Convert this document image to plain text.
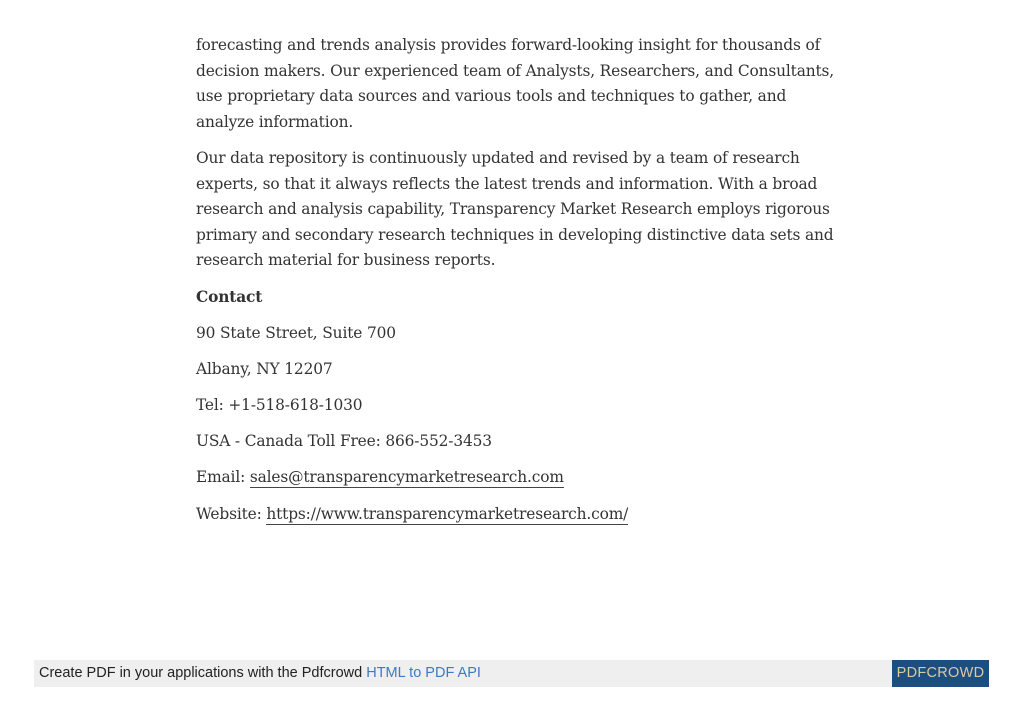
forecasting and trends analysis provides forward-looking insight for thousands of decision makers. Our experienced team of Analysts, Researchers, and Consultants, use proprietary data sources and various tools and techniques to gather, and analyze information.

Our data repository is continuously updated and revised by a team of research experts, so that it always reflects the latest trends and information. With a broad research and analysis capability, Transparency Market Research employs rigorous primary and secondary research techniques in developing distinctive data sets and research material for business reports.

Contact

90 State Street, Suite 700

Albany, NY 12207

Tel: +1-518-618-1030

USA - Canada Toll Free: 866-552-3453

Email: sales@transparencymarketresearch.com

Website: https://www.transparencymarketresearch.com/

Create PDF in your applications with the Pdfcrowd HTML to PDF API	PDFCROWD
